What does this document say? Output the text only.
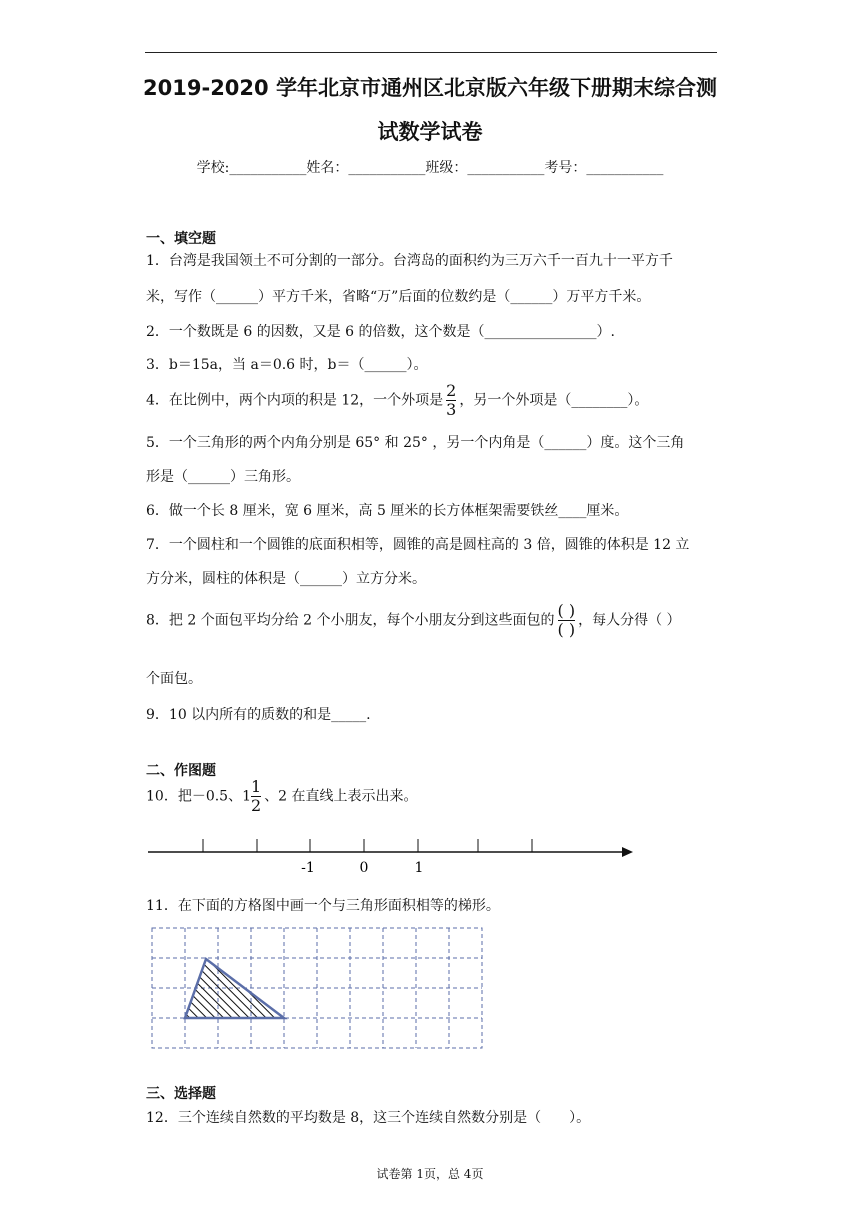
2019-2020 学年北京市通州区北京版六年级下册期末综合测
试数学试卷
学校:___________姓名：___________班级：___________考号：___________
一、填空题
1．台湾是我国领土不可分割的一部分。台湾岛的面积约为三万六千一百九十一平方千
米，写作（______）平方千米，省略“万”后面的位数约是（______）万平方千米。
2．一个数既是 6 的因数，又是 6 的倍数，这个数是（________________）.
3．b＝15a，当 a＝0.6 时，b＝（______）。
4．在比例中，两个内项的积是 12，一个外项是 $\frac{2}{3}$ ，另一个外项是（________）。
5．一个三角形的两个内角分别是 65° 和 25° ，另一个内角是（______）度。这个三角
形是（______）三角形。
6．做一个长 8 厘米，宽 6 厘米，高 5 厘米的长方体框架需要铁丝____厘米。
7．一个圆柱和一个圆锥的底面积相等，圆锥的高是圆柱高的 3 倍，圆锥的体积是 12 立
方分米，圆柱的体积是（______）立方分米。
8．把 2 个面包平均分给 2 个小朋友，每个小朋友分到这些面包的 $\frac{( )}{( )}$ ，每人分得（ ）
个面包。
9．10 以内所有的质数的和是_____.
二、作图题
10．把－0.5、$1 \frac{1}{2}$ 、2 在直线上表示出来。
-1	0	1
11．在下面的方格图中画一个与三角形面积相等的梯形。
三、选择题
12．三个连续自然数的平均数是 8，这三个连续自然数分别是（　　）。
试卷第 1页，总 4页
